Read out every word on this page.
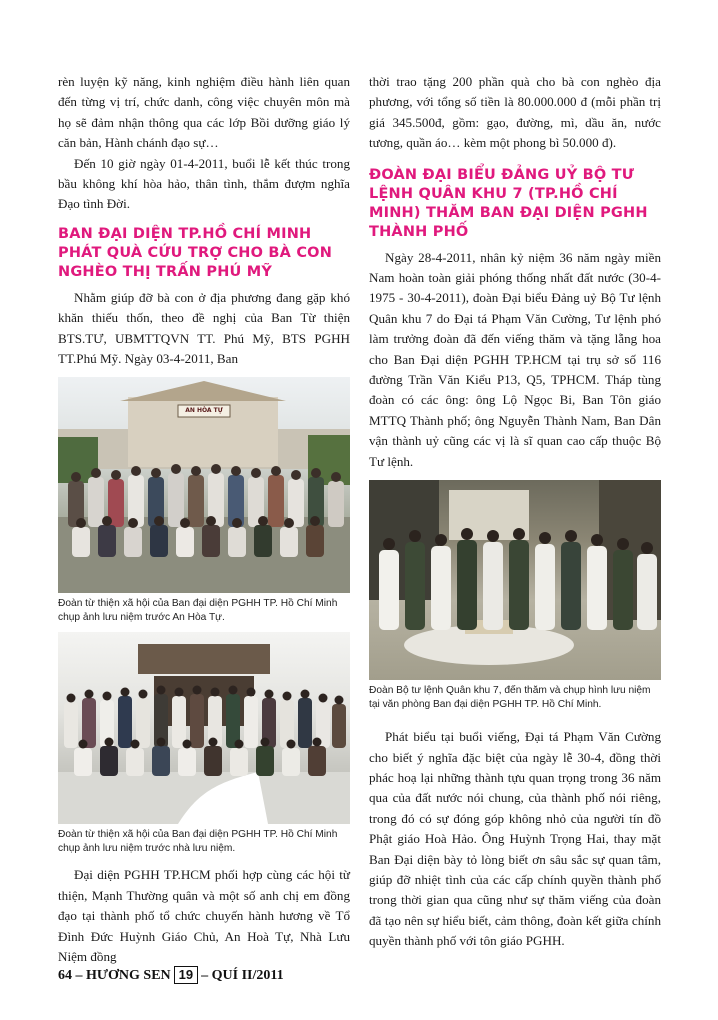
rèn luyện kỹ năng, kinh nghiệm điều hành liên quan đến từng vị trí, chức danh, công việc chuyên môn mà họ sẽ đảm nhận thông qua các lớp Bồi dưỡng giáo lý căn bản, Hành chánh đạo sự…

Đến 10 giờ ngày 01-4-2011, buổi lễ kết thúc trong bầu không khí hòa hảo, thân tình, thắm đượm nghĩa Đạo tình Đời.

BAN ĐẠI DIỆN TP.HỒ CHÍ MINH PHÁT QUÀ CỨU TRỢ CHO BÀ CON NGHÈO THỊ TRẤN PHÚ MỸ

Nhằm giúp đỡ bà con ở địa phương đang gặp khó khăn thiếu thốn, theo đề nghị của Ban Từ thiện BTS.TƯ, UBMTTQVN TT. Phú Mỹ, BTS PGHH TT.Phú Mỹ. Ngày 03-4-2011, Ban

AN HÒA TỰ

Đoàn từ thiện xã hội của Ban đại diện PGHH TP. Hồ Chí Minh chụp ảnh lưu niệm trước An Hòa Tự.

Đoàn từ thiện xã hội của Ban đại diện PGHH TP. Hồ Chí Minh chụp ảnh lưu niệm trước nhà lưu niệm.

Đại diện PGHH TP.HCM phối hợp cùng các hội từ thiện, Mạnh Thường quân và một số anh chị em đồng đạo tại thành phố tổ chức chuyến hành hương về Tổ Đình Đức Huỳnh Giáo Chủ, An Hoà Tự, Nhà Lưu Niệm đồng

thời trao tặng 200 phần quà cho bà con nghèo địa phương, với tổng số tiền là 80.000.000 đ (mỗi phần trị giá 345.500đ, gồm: gạo, đường, mì, dầu ăn, nước tương, quần áo… kèm một phong bì 50.000 đ).

ĐOÀN ĐẠI BIỂU ĐẢNG UỶ BỘ TƯ LỆNH QUÂN KHU 7 (TP.HỒ CHÍ MINH) THĂM BAN ĐẠI DIỆN PGHH THÀNH PHỐ

Ngày 28-4-2011, nhân kỷ niệm 36 năm ngày miền Nam hoàn toàn giải phóng thống nhất đất nước (30-4-1975 - 30-4-2011), đoàn Đại biểu Đảng uỷ Bộ Tư lệnh Quân khu 7 do Đại tá Phạm Văn Cường, Tư lệnh phó làm trưởng đoàn đã đến viếng thăm và tặng lẵng hoa cho Ban Đại diện PGHH TP.HCM tại trụ sở số 116 đường Trần Văn Kiểu P13, Q5, TPHCM. Tháp tùng đoàn có các ông: ông Lộ Ngọc Bi, Ban Tôn giáo MTTQ Thành phố; ông Nguyễn Thành Nam, Ban Dân vận thành uỷ cũng các vị là sĩ quan cao cấp thuộc Bộ Tư lệnh.

Đoàn Bộ tư lệnh Quân khu 7, đến thăm và chụp hình lưu niệm tại văn phòng Ban đại diện PGHH TP. Hồ Chí Minh.

Phát biểu tại buổi viếng, Đại tá Phạm Văn Cường cho biết ý nghĩa đặc biệt của ngày lễ 30-4, đồng thời phác hoạ lại những thành tựu quan trọng trong 36 năm qua của đất nước nói chung, của thành phố nói riêng, trong đó có sự đóng góp không nhỏ của người tín đồ Phật giáo Hoà Hảo. Ông Huỳnh Trọng Hai, thay mặt Ban Đại diện bày tỏ lòng biết ơn sâu sắc sự quan tâm, giúp đỡ nhiệt tình của các cấp chính quyền thành phố trong thời gian qua cũng như sự thăm viếng của đoàn đã tạo nên sự hiểu biết, cảm thông, đoàn kết giữa chính quyền thành phố với tôn giáo PGHH.

64 – HƯƠNG SEN 19 – QUÍ II/2011
